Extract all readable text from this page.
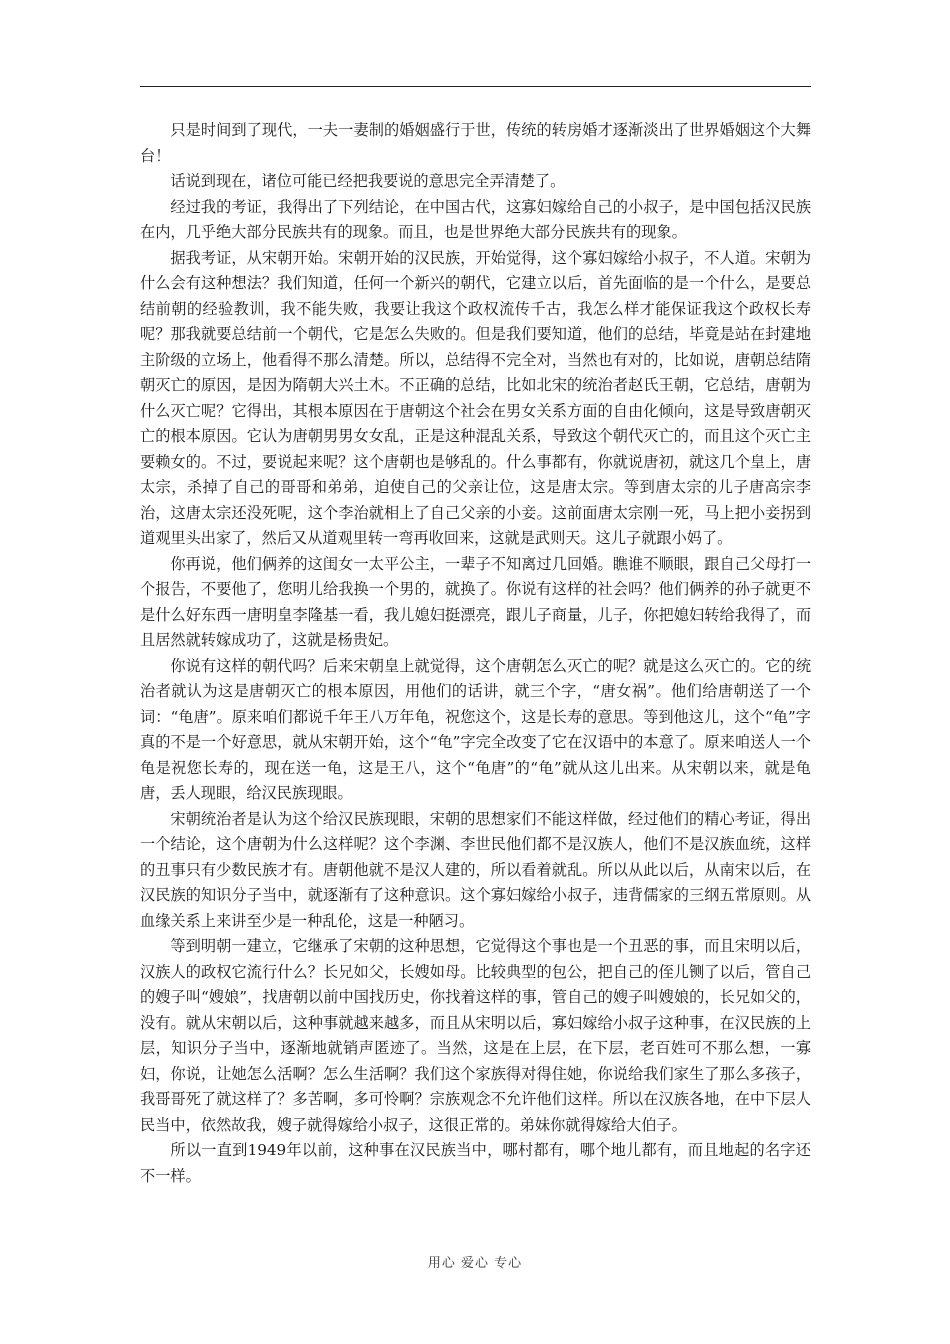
只是时间到了现代，一夫一妻制的婚姻盛行于世，传统的转房婚才逐渐淡出了世界婚姻这个大舞台！

话说到现在，诸位可能已经把我要说的意思完全弄清楚了。

经过我的考证，我得出了下列结论，在中国古代，这寡妇嫁给自己的小叔子，是中国包括汉民族在内，几乎绝大部分民族共有的现象。而且，也是世界绝大部分民族共有的现象。

据我考证，从宋朝开始。宋朝开始的汉民族，开始觉得，这个寡妇嫁给小叔子，不人道。宋朝为什么会有这种想法？我们知道，任何一个新兴的朝代，它建立以后，首先面临的是一个什么，是要总结前朝的经验教训，我不能失败，我要让我这个政权流传千古，我怎么样才能保证我这个政权长寿呢？那我就要总结前一个朝代，它是怎么失败的。但是我们要知道，他们的总结，毕竟是站在封建地主阶级的立场上，他看得不那么清楚。所以，总结得不完全对，当然也有对的，比如说，唐朝总结隋朝灭亡的原因，是因为隋朝大兴土木。不正确的总结，比如北宋的统治者赵氏王朝，它总结，唐朝为什么灭亡呢？它得出，其根本原因在于唐朝这个社会在男女关系方面的自由化倾向，这是导致唐朝灭亡的根本原因。它认为唐朝男男女女乱，正是这种混乱关系，导致这个朝代灭亡的，而且这个灭亡主要赖女的。不过，要说起来呢？这个唐朝也是够乱的。什么事都有，你就说唐初，就这几个皇上，唐太宗，杀掉了自己的哥哥和弟弟，迫使自己的父亲让位，这是唐太宗。等到唐太宗的儿子唐高宗李治，这唐太宗还没死呢，这个李治就相上了自己父亲的小妾。这前面唐太宗刚一死，马上把小妾拐到道观里头出家了，然后又从道观里转一弯再收回来，这就是武则天。这儿子就跟小妈了。

你再说，他们俩养的这闺女一太平公主，一辈子不知离过几回婚。瞧谁不顺眼，跟自己父母打一个报告，不要他了，您明儿给我换一个男的，就换了。你说有这样的社会吗？他们俩养的孙子就更不是什么好东西一唐明皇李隆基一看，我儿媳妇挺漂亮，跟儿子商量，儿子，你把媳妇转给我得了，而且居然就转嫁成功了，这就是杨贵妃。

你说有这样的朝代吗？后来宋朝皇上就觉得，这个唐朝怎么灭亡的呢？就是这么灭亡的。它的统治者就认为这是唐朝灭亡的根本原因，用他们的话讲，就三个字，“唐女祸”。他们给唐朝送了一个词：“龟唐”。原来咱们都说千年王八万年龟，祝您这个，这是长寿的意思。等到他这儿，这个“龟”字真的不是一个好意思，就从宋朝开始，这个“龟”字完全改变了它在汉语中的本意了。原来咱送人一个龟是祝您长寿的，现在送一龟，这是王八，这个“龟唐”的“龟”就从这儿出来。从宋朝以来，就是龟唐，丢人现眼，给汉民族现眼。

宋朝统治者是认为这个给汉民族现眼，宋朝的思想家们不能这样做，经过他们的精心考证，得出一个结论，这个唐朝为什么这样呢？这个李渊、李世民他们都不是汉族人，他们不是汉族血统，这样的丑事只有少数民族才有。唐朝他就不是汉人建的，所以看着就乱。所以从此以后，从南宋以后，在汉民族的知识分子当中，就逐渐有了这种意识。这个寡妇嫁给小叔子，违背儒家的三纲五常原则。从血缘关系上来讲至少是一种乱伦，这是一种陋习。

等到明朝一建立，它继承了宋朝的这种思想，它觉得这个事也是一个丑恶的事，而且宋明以后，汉族人的政权它流行什么？长兄如父，长嫂如母。比较典型的包公，把自己的侄儿铡了以后，管自己的嫂子叫“嫂娘”，找唐朝以前中国找历史，你找着这样的事，管自己的嫂子叫嫂娘的，长兄如父的，没有。就从宋朝以后，这种事就越来越多，而且从宋明以后，寡妇嫁给小叔子这种事，在汉民族的上层，知识分子当中，逐渐地就销声匿迹了。当然，这是在上层，在下层，老百姓可不那么想，一寡妇，你说，让她怎么活啊？怎么生活啊？我们这个家族得对得住她，你说给我们家生了那么多孩子，我哥哥死了就这样了？多苦啊，多可怜啊？宗族观念不允许他们这样。所以在汉族各地，在中下层人民当中，依然故我，嫂子就得嫁给小叔子，这很正常的。弟妹你就得嫁给大伯子。

所以一直到1949年以前，这种事在汉民族当中，哪村都有，哪个地儿都有，而且地起的名字还不一样。

用心 爱心 专心
